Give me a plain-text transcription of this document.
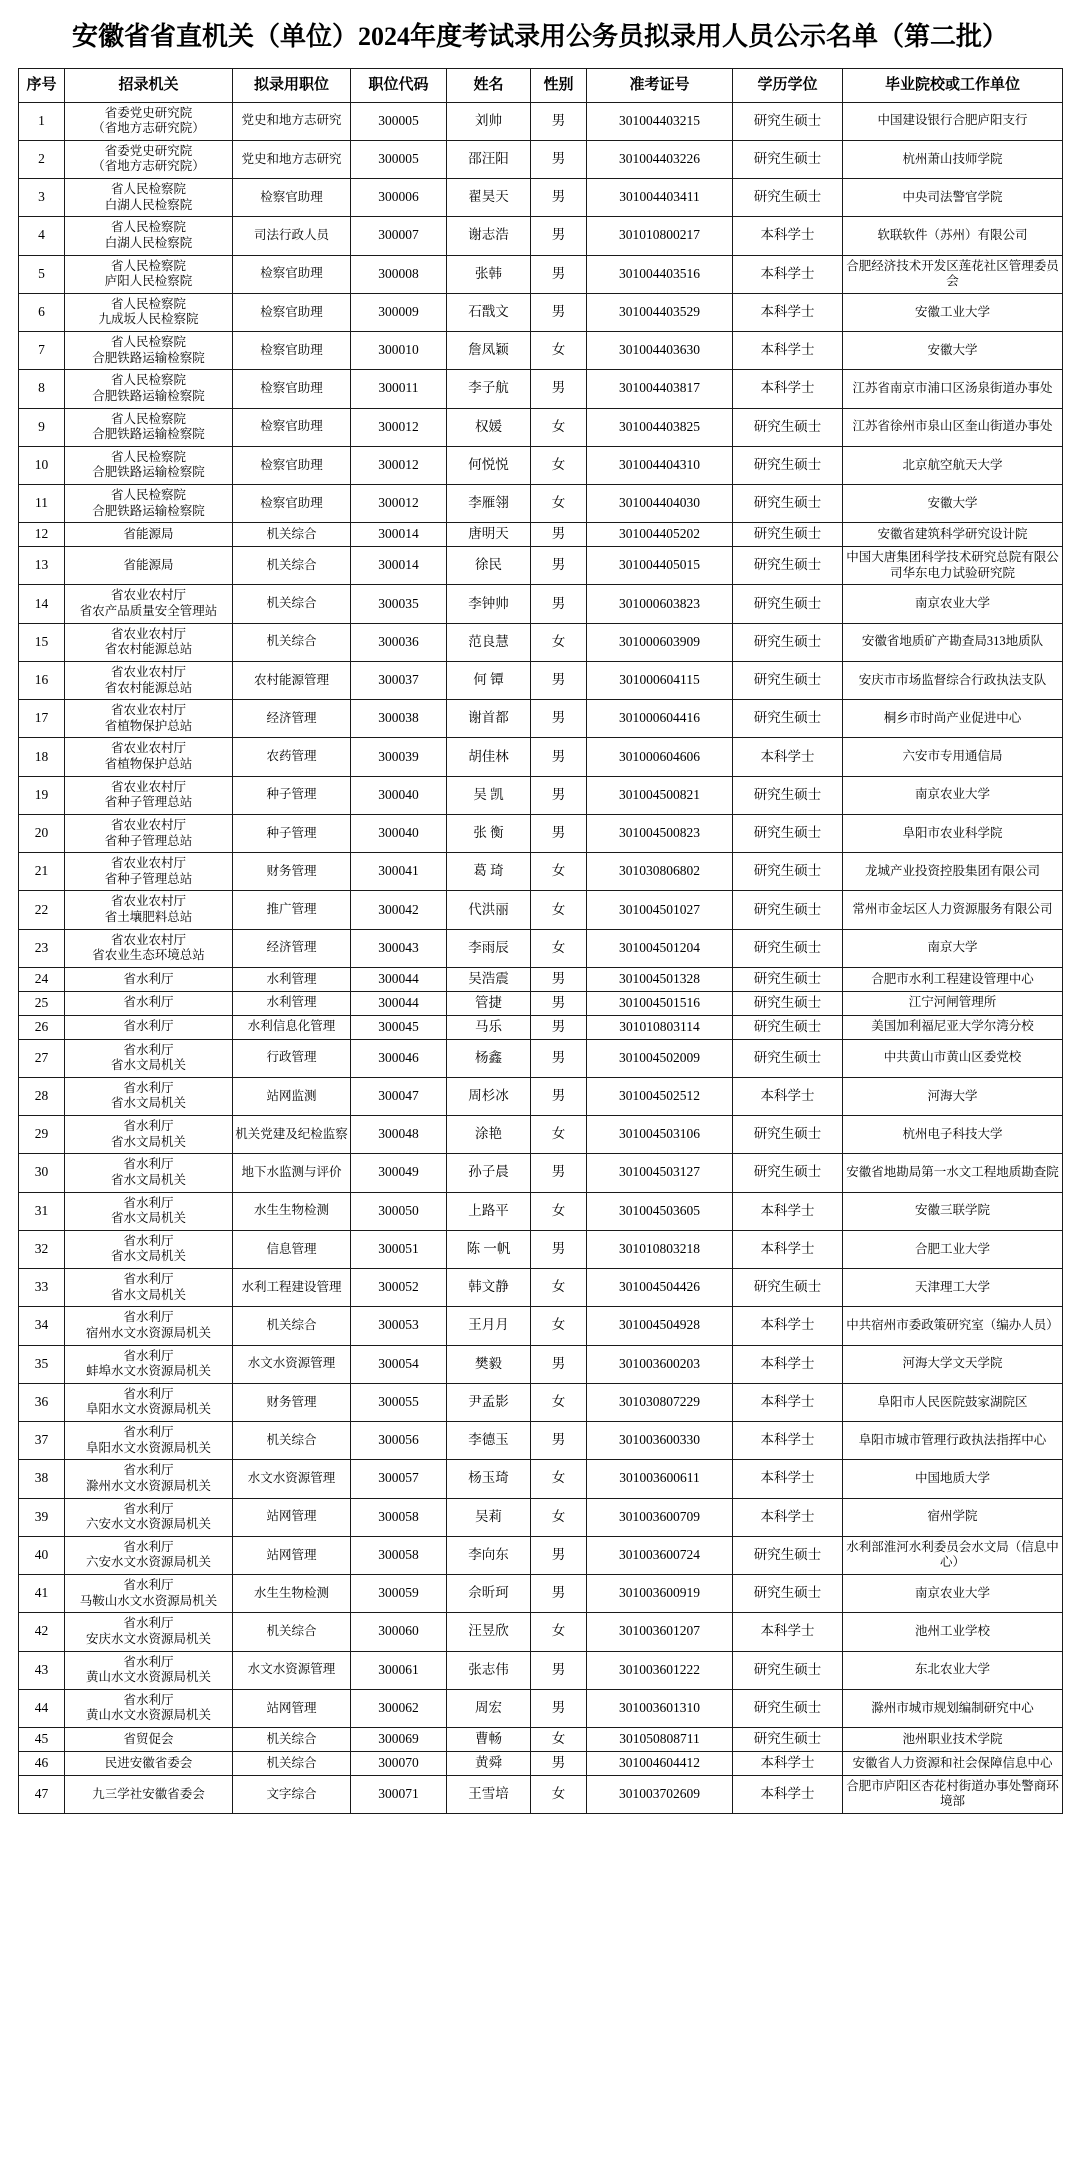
安徽省省直机关（单位）2024年度考试录用公务员拟录用人员公示名单（第二批）
序号	招录机关	拟录用职位	职位代码	姓名	性别	准考证号	学历学位	毕业院校或工作单位

1	省委党史研究院
（省地方志研究院）	党史和地方志研究	300005	刘帅	男	301004403215	研究生硕士	中国建设银行合肥庐阳支行

2	省委党史研究院
（省地方志研究院）	党史和地方志研究	300005	邵汪阳	男	301004403226	研究生硕士	杭州萧山技师学院

3	省人民检察院
白湖人民检察院	检察官助理	300006	翟昊天	男	301004403411	研究生硕士	中央司法警官学院

4	省人民检察院
白湖人民检察院	司法行政人员	300007	谢志浩	男	301010800217	本科学士	软联软件（苏州）有限公司

5	省人民检察院
庐阳人民检察院	检察官助理	300008	张韩	男	301004403516	本科学士	合肥经济技术开发区莲花社区管理委员会

6	省人民检察院
九成坂人民检察院	检察官助理	300009	石戬文	男	301004403529	本科学士	安徽工业大学

7	省人民检察院
合肥铁路运输检察院	检察官助理	300010	詹凤颖	女	301004403630	本科学士	安徽大学

8	省人民检察院
合肥铁路运输检察院	检察官助理	300011	李子航	男	301004403817	本科学士	江苏省南京市浦口区汤泉街道办事处

9	省人民检察院
合肥铁路运输检察院	检察官助理	300012	权媛	女	301004403825	研究生硕士	江苏省徐州市泉山区奎山街道办事处

10	省人民检察院
合肥铁路运输检察院	检察官助理	300012	何悦悦	女	301004404310	研究生硕士	北京航空航天大学

11	省人民检察院
合肥铁路运输检察院	检察官助理	300012	李雁翎	女	301004404030	研究生硕士	安徽大学

12	省能源局	机关综合	300014	唐明天	男	301004405202	研究生硕士	安徽省建筑科学研究设计院

13	省能源局	机关综合	300014	徐民	男	301004405015	研究生硕士	中国大唐集团科学技术研究总院有限公司华东电力试验研究院

14	省农业农村厅
省农产品质量安全管理站	机关综合	300035	李钟帅	男	301000603823	研究生硕士	南京农业大学

15	省农业农村厅
省农村能源总站	机关综合	300036	范良慧	女	301000603909	研究生硕士	安徽省地质矿产勘查局313地质队

16	省农业农村厅
省农村能源总站	农村能源管理	300037	何 镡	男	301000604115	研究生硕士	安庆市市场监督综合行政执法支队

17	省农业农村厅
省植物保护总站	经济管理	300038	谢首都	男	301000604416	研究生硕士	桐乡市时尚产业促进中心

18	省农业农村厅
省植物保护总站	农药管理	300039	胡佳林	男	301000604606	本科学士	六安市专用通信局

19	省农业农村厅
省种子管理总站	种子管理	300040	吴 凯	男	301004500821	研究生硕士	南京农业大学

20	省农业农村厅
省种子管理总站	种子管理	300040	张 衡	男	301004500823	研究生硕士	阜阳市农业科学院

21	省农业农村厅
省种子管理总站	财务管理	300041	葛 琦	女	301030806802	研究生硕士	龙城产业投资控股集团有限公司

22	省农业农村厅
省土壤肥料总站	推广管理	300042	代洪丽	女	301004501027	研究生硕士	常州市金坛区人力资源服务有限公司

23	省农业农村厅
省农业生态环境总站	经济管理	300043	李雨辰	女	301004501204	研究生硕士	南京大学

24	省水利厅	水利管理	300044	吴浩震	男	301004501328	研究生硕士	合肥市水利工程建设管理中心

25	省水利厅	水利管理	300044	管捷	男	301004501516	研究生硕士	江宁河闸管理所

26	省水利厅	水利信息化管理	300045	马乐	男	301010803114	研究生硕士	美国加利福尼亚大学尔湾分校

27	省水利厅
省水文局机关	行政管理	300046	杨鑫	男	301004502009	研究生硕士	中共黄山市黄山区委党校

28	省水利厅
省水文局机关	站网监测	300047	周杉冰	男	301004502512	本科学士	河海大学

29	省水利厅
省水文局机关	机关党建及纪检监察	300048	涂艳	女	301004503106	研究生硕士	杭州电子科技大学

30	省水利厅
省水文局机关	地下水监测与评价	300049	孙子晨	男	301004503127	研究生硕士	安徽省地勘局第一水文工程地质勘查院

31	省水利厅
省水文局机关	水生生物检测	300050	上路平	女	301004503605	本科学士	安徽三联学院

32	省水利厅
省水文局机关	信息管理	300051	陈 一帆	男	301010803218	本科学士	合肥工业大学

33	省水利厅
省水文局机关	水利工程建设管理	300052	韩文静	女	301004504426	研究生硕士	天津理工大学

34	省水利厅
宿州水文水资源局机关	机关综合	300053	王月月	女	301004504928	本科学士	中共宿州市委政策研究室（编办人员）

35	省水利厅
蚌埠水文水资源局机关	水文水资源管理	300054	樊毅	男	301003600203	本科学士	河海大学文天学院

36	省水利厅
阜阳水文水资源局机关	财务管理	300055	尹孟影	女	301030807229	本科学士	阜阳市人民医院鼓家湖院区

37	省水利厅
阜阳水文水资源局机关	机关综合	300056	李德玉	男	301003600330	本科学士	阜阳市城市管理行政执法指挥中心

38	省水利厅
滁州水文水资源局机关	水文水资源管理	300057	杨玉琦	女	301003600611	本科学士	中国地质大学

39	省水利厅
六安水文水资源局机关	站网管理	300058	吴莉	女	301003600709	本科学士	宿州学院

40	省水利厅
六安水文水资源局机关	站网管理	300058	李向东	男	301003600724	研究生硕士	水利部淮河水利委员会水文局（信息中心）

41	省水利厅
马鞍山水文水资源局机关	水生生物检测	300059	佘昕珂	男	301003600919	研究生硕士	南京农业大学

42	省水利厅
安庆水文水资源局机关	机关综合	300060	汪昱欣	女	301003601207	本科学士	池州工业学校

43	省水利厅
黄山水文水资源局机关	水文水资源管理	300061	张志伟	男	301003601222	研究生硕士	东北农业大学

44	省水利厅
黄山水文水资源局机关	站网管理	300062	周宏	男	301003601310	研究生硕士	滁州市城市规划编制研究中心

45	省贸促会	机关综合	300069	曹畅	女	301050808711	研究生硕士	池州职业技术学院

46	民进安徽省委会	机关综合	300070	黄舜	男	301004604412	本科学士	安徽省人力资源和社会保障信息中心

47	九三学社安徽省委会	文字综合	300071	王雪培	女	301003702609	本科学士	合肥市庐阳区杏花村街道办事处警商环境部
